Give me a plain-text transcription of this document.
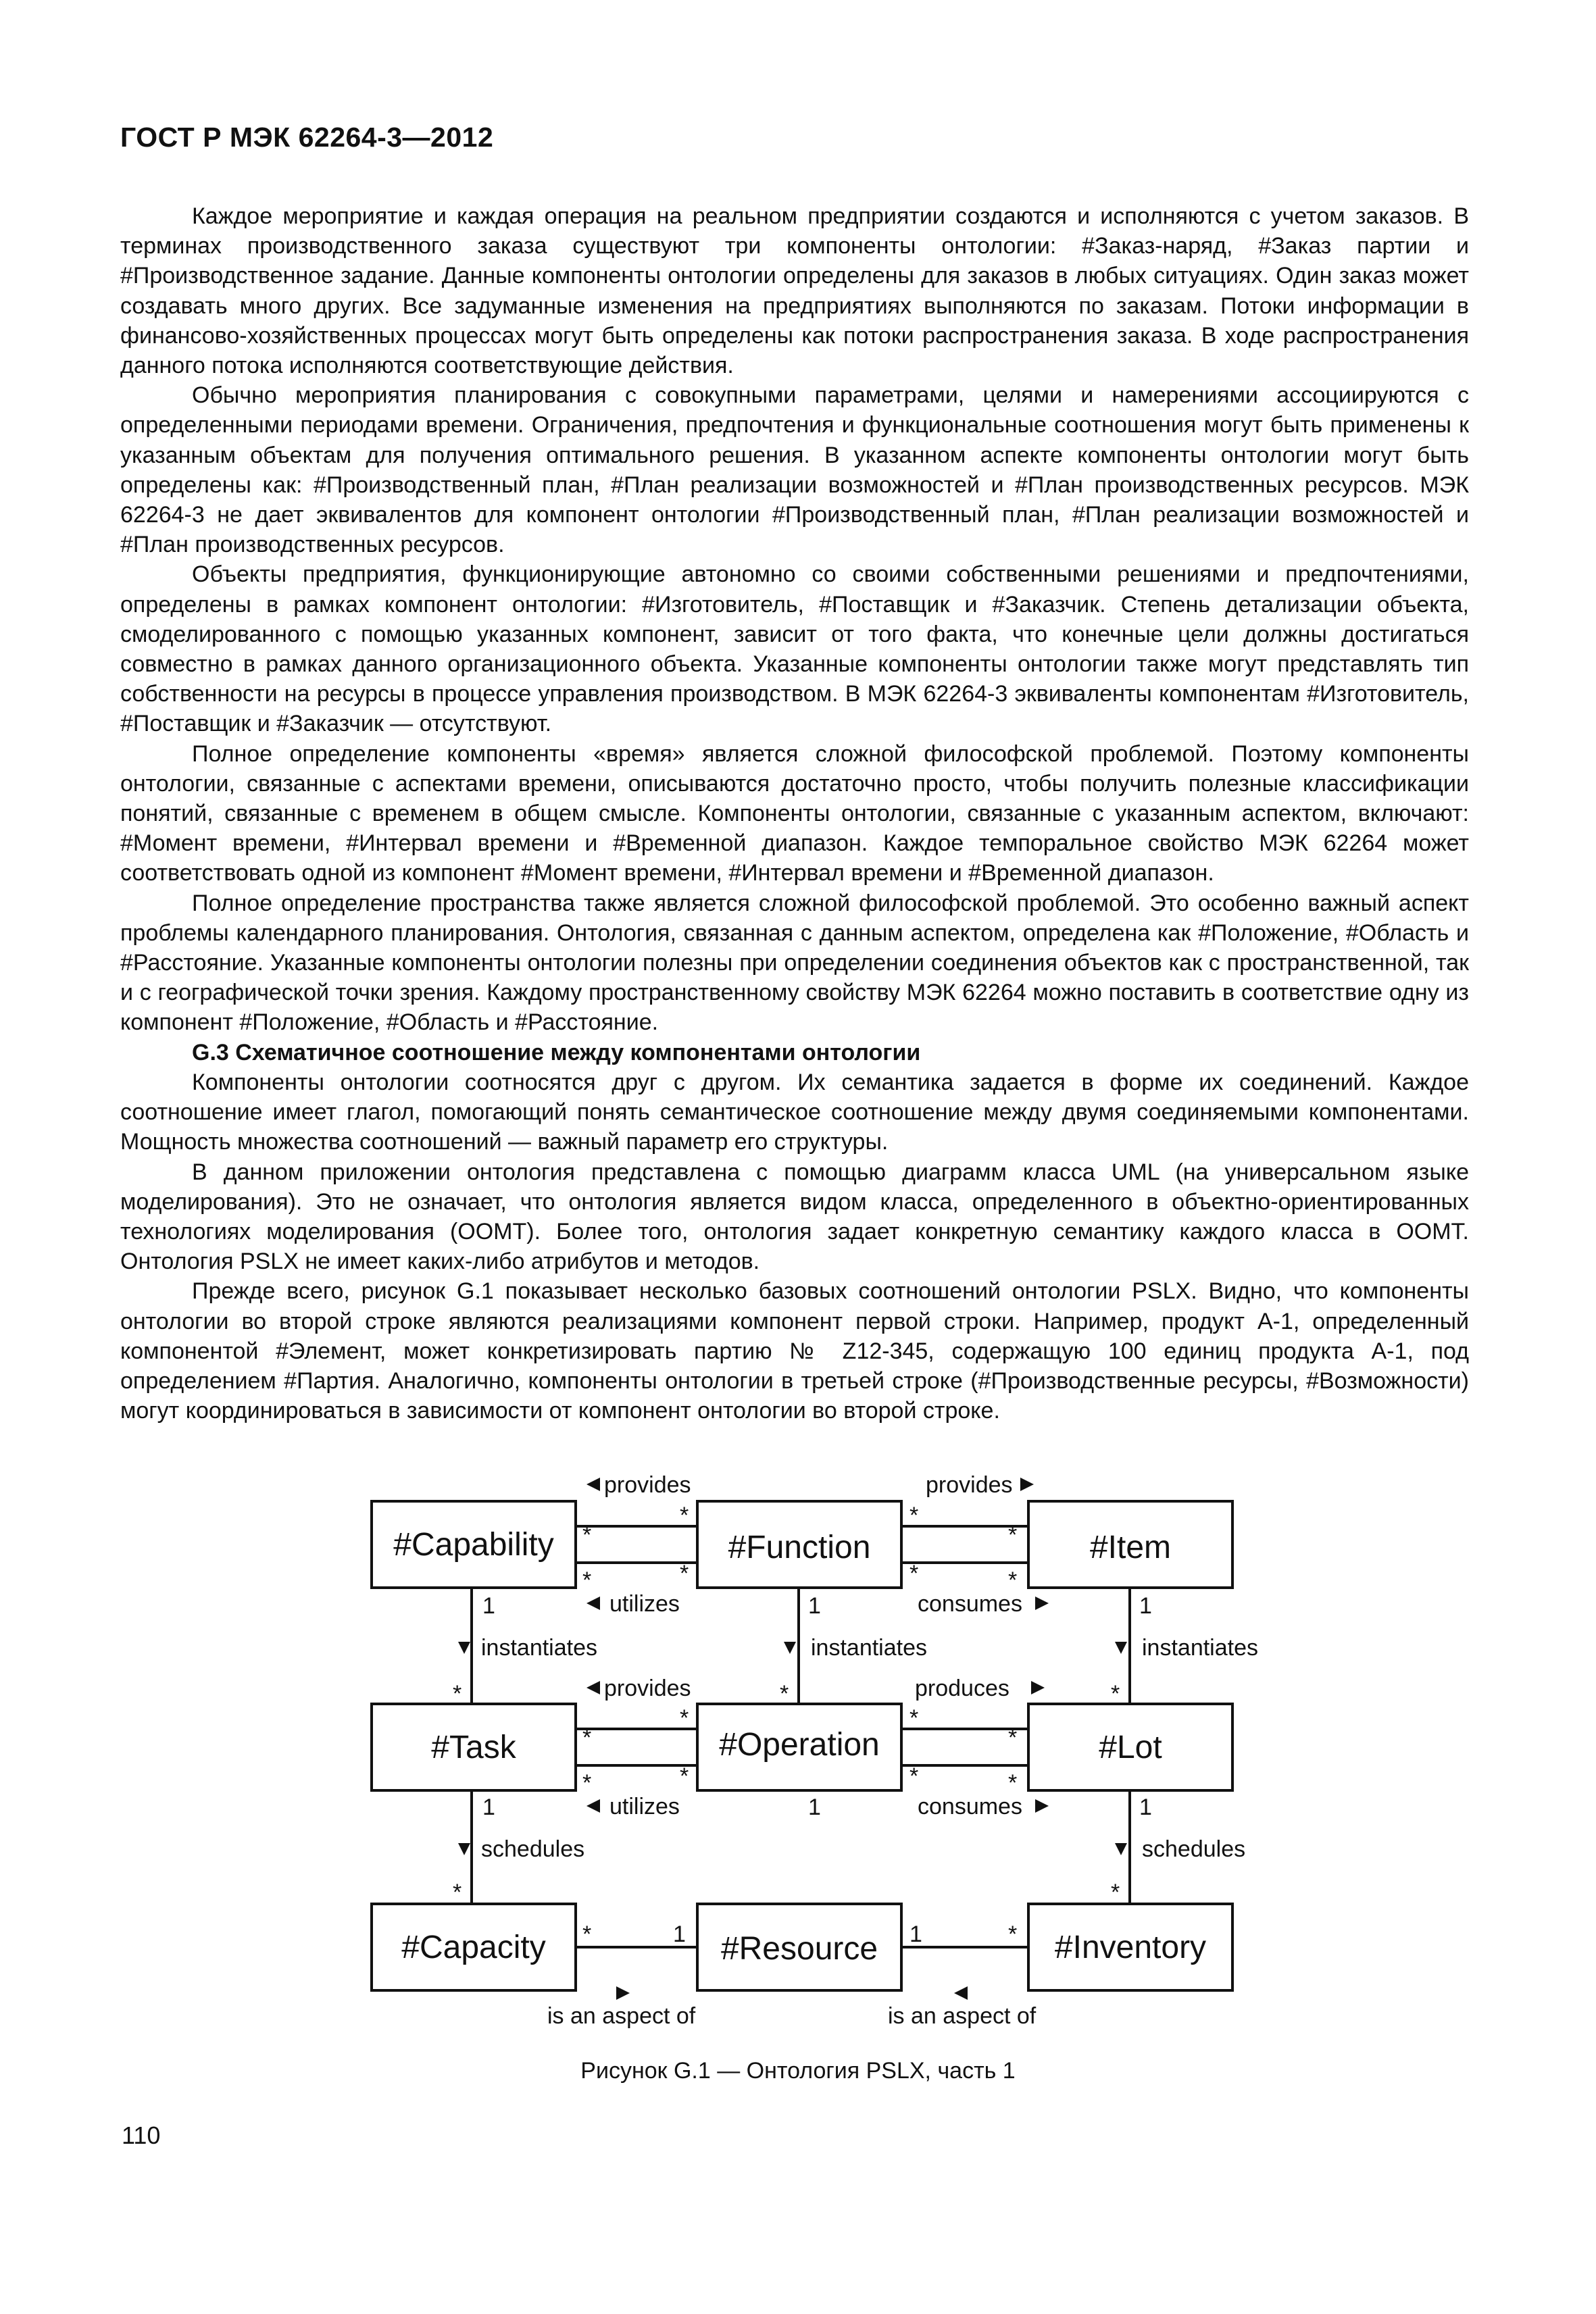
ГОСТ Р МЭК 62264-3—2012

Каждое мероприятие и каждая операция на реальном предприятии создаются и исполняются с учетом заказов. В терминах производственного заказа существуют три компоненты онтологии: #Заказ-наряд, #Заказ партии и #Производственное задание. Данные компоненты онтологии определены для заказов в любых ситуациях. Один заказ может создавать много других. Все задуманные изменения на предприятиях выполняются по заказам. Потоки информации в финансово-хозяйственных процессах могут быть определены как потоки распространения заказа. В ходе распространения данного потока исполняются соответствующие действия.

Обычно мероприятия планирования с совокупными параметрами, целями и намерениями ассоциируются с определенными периодами времени. Ограничения, предпочтения и функциональные соотношения могут быть применены к указанным объектам для получения оптимального решения. В указанном аспекте компоненты онтологии могут быть определены как: #Производственный план, #План реализации возможностей и #План производственных ресурсов. МЭК 62264-3 не дает эквивалентов для компонент онтологии #Производственный план, #План реализации возможностей и #План производственных ресурсов.

Объекты предприятия, функционирующие автономно со своими собственными решениями и предпочтениями, определены в рамках компонент онтологии: #Изготовитель, #Поставщик и #Заказчик. Степень детализации объекта, смоделированного с помощью указанных компонент, зависит от того факта, что конечные цели должны достигаться совместно в рамках данного организационного объекта. Указанные компоненты онтологии также могут представлять тип собственности на ресурсы в процессе управления производством. В МЭК 62264-3 эквиваленты компонентам #Изготовитель, #Поставщик и #Заказчик — отсутствуют.

Полное определение компоненты «время» является сложной философской проблемой. Поэтому компоненты онтологии, связанные с аспектами времени, описываются достаточно просто, чтобы получить полезные классификации понятий, связанные с временем в общем смысле. Компоненты онтологии, связанные с указанным аспектом, включают: #Момент времени, #Интервал времени и #Временной диапазон. Каждое темпоральное свойство МЭК 62264 может соответствовать одной из компонент #Момент времени, #Интервал времени и #Временной диапазон.

Полное определение пространства также является сложной философской проблемой. Это особенно важный аспект проблемы календарного планирования. Онтология, связанная с данным аспектом, определена как #Положение, #Область и #Расстояние. Указанные компоненты онтологии полезны при определении соединения объектов как с пространственной, так и с географической точки зрения. Каждому пространственному свойству МЭК 62264 можно поставить в соответствие одну из компонент #Положение, #Область и #Расстояние.

G.3 Схематичное соотношение между компонентами онтологии

Компоненты онтологии соотносятся друг с другом. Их семантика задается в форме их соединений. Каждое соотношение имеет глагол, помогающий понять семантическое соотношение между двумя соединяемыми компонентами. Мощность множества соотношений — важный параметр его структуры.

В данном приложении онтология представлена с помощью диаграмм класса UML (на универсальном языке моделирования). Это не означает, что онтология является видом класса, определенного в объектно-ориентированных технологиях моделирования (OOMT). Более того, онтология задает конкретную семантику каждого класса в OOMT. Онтология PSLX не имеет каких-либо атрибутов и методов.

Прежде всего, рисунок G.1 показывает несколько базовых соотношений онтологии PSLX. Видно, что компоненты онтологии во второй строке являются реализациями компонент первой строки. Например, продукт А-1, определенный компонентой #Элемент, может конкретизировать партию № Z12-345, содержащую 100 единиц продукта А-1, под определением #Партия. Аналогично, компоненты онтологии в третьей строке (#Производственные ресурсы, #Возможности) могут координироваться в зависимости от компонент онтологии во второй строке.

#Capability	#Function	#Item
#Task	#Operation	#Lot
#Capacity	#Resource	#Inventory
provides	provides
utilizes	consumes
instantiates	instantiates	instantiates
provides	produces
utilizes	consumes
schedules	schedules
is an aspect of	is an aspect of
*
*
*
*
*
*
*	*
1	1	1
*	*	*
*
*
*
*
*
*
*	*
1	1	1
*	*
*	1	1	*
Рисунок G.1 — Онтология PSLX, часть 1
110
